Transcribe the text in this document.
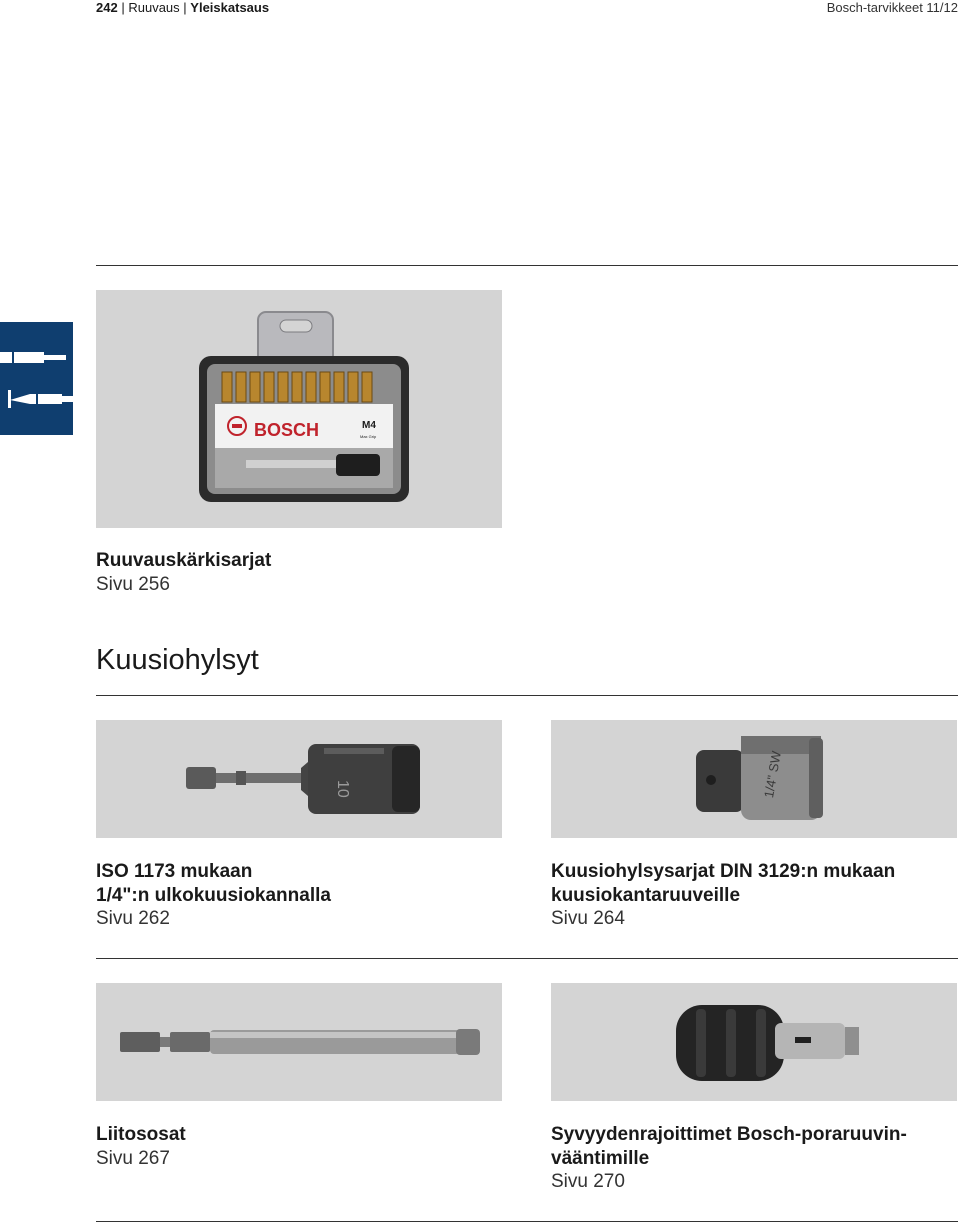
242 | Ruuvaus | Yleiskatsaus	Bosch-tarvikkeet 11/12
BOSCH	M4
Max Grip
Ruuvauskärkisarjat
Sivu 256
Kuusiohylsyt
10	1/4" SW
ISO 1173 mukaan
1/4":n ulkokuusiokannalla
Sivu 262
Kuusiohylsysarjat DIN 3129:n mukaan
kuusiokantaruuveille
Sivu 264
Liitososat
Sivu 267
Syvyydenrajoittimet Bosch-poraruuvin-
vääntimille
Sivu 270
